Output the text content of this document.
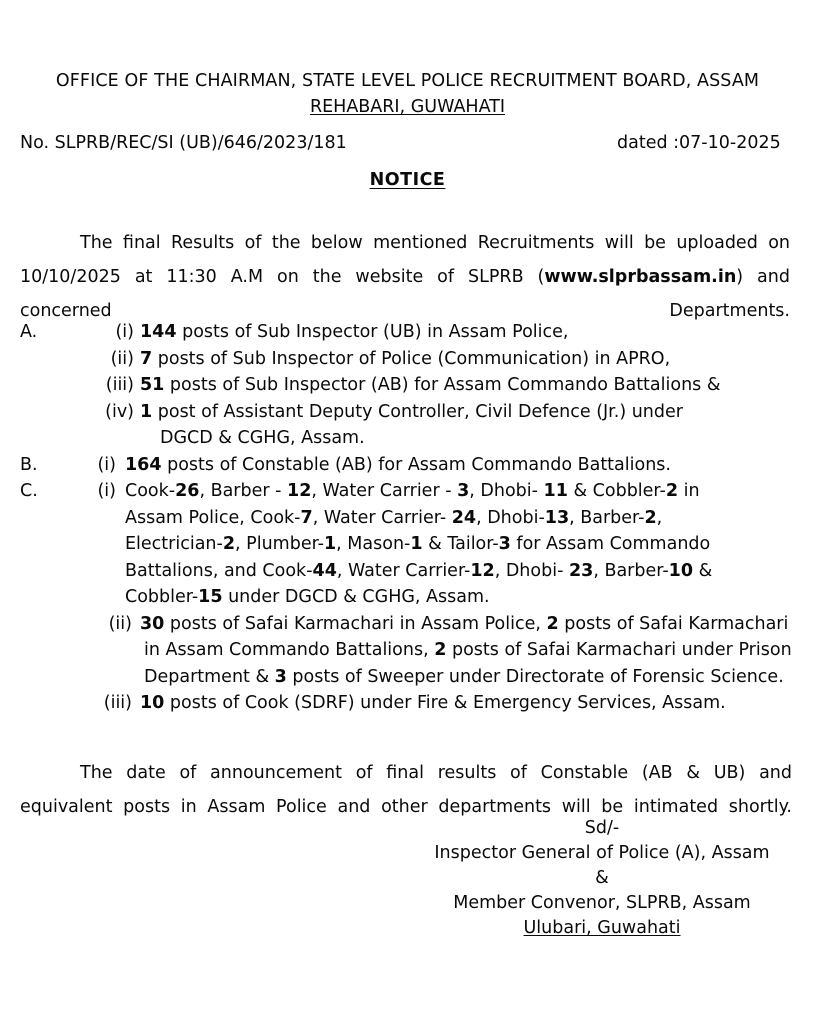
OFFICE OF THE CHAIRMAN, STATE LEVEL POLICE RECRUITMENT BOARD, ASSAM
REHABARI, GUWAHATI
No. SLPRB/REC/SI (UB)/646/2023/181	dated :07-10-2025
NOTICE

The final Results of the below mentioned Recruitments will be uploaded on 10/10/2025 at 11:30 A.M on the website of SLPRB (www.slprbassam.in) and concerned Departments.

A.	(i) 144 posts of Sub Inspector (UB) in Assam Police,
(ii) 7 posts of Sub Inspector of Police (Communication) in APRO,
(iii) 51 posts of Sub Inspector (AB) for Assam Commando Battalions &
(iv) 1 post of Assistant Deputy Controller, Civil Defence (Jr.) under
DGCD & CGHG, Assam.
B.	(i) 164 posts of Constable (AB) for Assam Commando Battalions.
C.	(i) Cook-26, Barber - 12, Water Carrier - 3, Dhobi- 11 & Cobbler-2 in
Assam Police, Cook-7, Water Carrier- 24, Dhobi-13, Barber-2,
Electrician-2, Plumber-1, Mason-1 & Tailor-3 for Assam Commando
Battalions, and Cook-44, Water Carrier-12, Dhobi- 23, Barber-10 &
Cobbler-15 under DGCD & CGHG, Assam.
(ii) 30 posts of Safai Karmachari in Assam Police, 2 posts of Safai Karmachari
in Assam Commando Battalions, 2 posts of Safai Karmachari under Prison
Department & 3 posts of Sweeper under Directorate of Forensic Science.
(iii) 10 posts of Cook (SDRF) under Fire & Emergency Services, Assam.

The date of announcement of final results of Constable (AB & UB) and equivalent posts in Assam Police and other departments will be intimated shortly.

Sd/-
Inspector General of Police (A), Assam
&
Member Convenor, SLPRB, Assam
Ulubari, Guwahati
